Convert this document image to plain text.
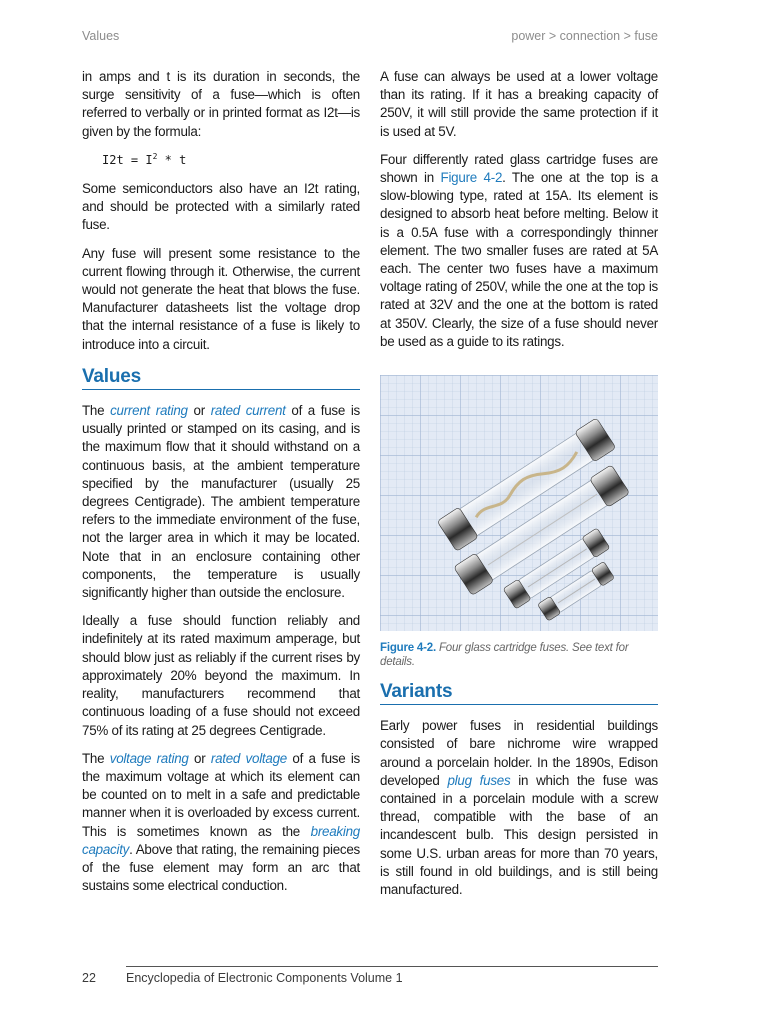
Values	power > connection > fuse

in amps and t is its duration in seconds, the surge sensitivity of a fuse—which is often referred to verbally or in printed format as I2t—is given by the formula:

$I2t = I^2 * t$

Some semiconductors also have an I2t rating, and should be protected with a similarly rated fuse.

Any fuse will present some resistance to the current flowing through it. Otherwise, the current would not generate the heat that blows the fuse. Manufacturer datasheets list the voltage drop that the internal resistance of a fuse is likely to introduce into a circuit.

Values

The current rating or rated current of a fuse is usually printed or stamped on its casing, and is the maximum flow that it should withstand on a continuous basis, at the ambient temperature specified by the manufacturer (usually 25 degrees Centigrade). The ambient temperature refers to the immediate environment of the fuse, not the larger area in which it may be located. Note that in an enclosure containing other components, the temperature is usually significantly higher than outside the enclosure.

Ideally a fuse should function reliably and indefinitely at its rated maximum amperage, but should blow just as reliably if the current rises by approximately 20% beyond the maximum. In reality, manufacturers recommend that continuous loading of a fuse should not exceed 75% of its rating at 25 degrees Centigrade.

The voltage rating or rated voltage of a fuse is the maximum voltage at which its element can be counted on to melt in a safe and predictable manner when it is overloaded by excess current. This is sometimes known as the breaking capacity. Above that rating, the remaining pieces of the fuse element may form an arc that sustains some electrical conduction.

A fuse can always be used at a lower voltage than its rating. If it has a breaking capacity of 250V, it will still provide the same protection if it is used at 5V.

Four differently rated glass cartridge fuses are shown in Figure 4-2. The one at the top is a slow-blowing type, rated at 15A. Its element is designed to absorb heat before melting. Below it is a 0.5A fuse with a correspondingly thinner element. The two smaller fuses are rated at 5A each. The center two fuses have a maximum voltage rating of 250V, while the one at the top is rated at 32V and the one at the bottom is rated at 350V. Clearly, the size of a fuse should never be used as a guide to its ratings.

Figure 4-2. Four glass cartridge fuses. See text for details.
Variants

Early power fuses in residential buildings consisted of bare nichrome wire wrapped around a porcelain holder. In the 1890s, Edison developed plug fuses in which the fuse was contained in a porcelain module with a screw thread, compatible with the base of an incandescent bulb. This design persisted in some U.S. urban areas for more than 70 years, is still found in old buildings, and is still being manufactured.

22	Encyclopedia of Electronic Components Volume 1
